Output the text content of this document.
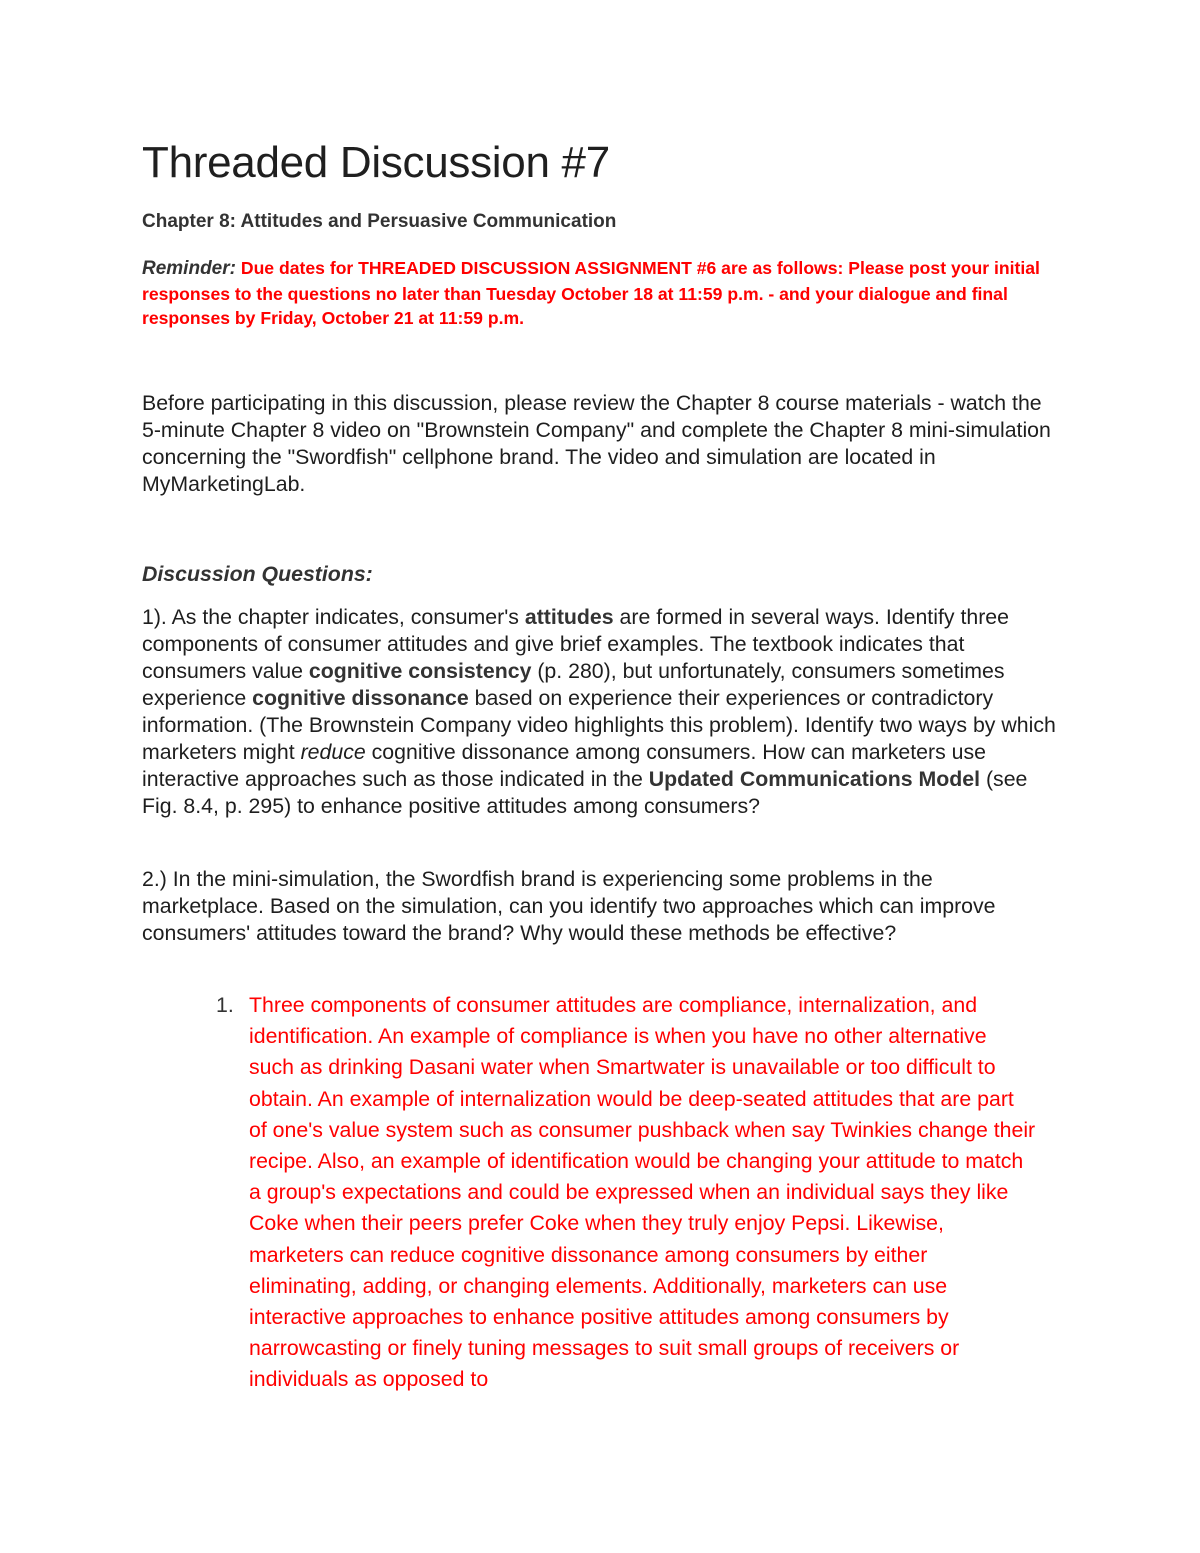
Threaded Discussion #7
Chapter 8: Attitudes and Persuasive Communication

Reminder: Due dates for THREADED DISCUSSION ASSIGNMENT #6 are as follows: Please post your initial responses to the questions no later than Tuesday October 18 at 11:59 p.m. - and your dialogue and final responses by Friday, October 21 at 11:59 p.m.

Before participating in this discussion, please review the Chapter 8 course materials - watch the 5-minute Chapter 8 video on "Brownstein Company" and complete the Chapter 8 mini-simulation concerning the "Swordfish" cellphone brand. The video and simulation are located in MyMarketingLab.

Discussion Questions:

1). As the chapter indicates, consumer's attitudes are formed in several ways. Identify three components of consumer attitudes and give brief examples. The textbook indicates that consumers value cognitive consistency (p. 280), but unfortunately, consumers sometimes experience cognitive dissonance based on experience their experiences or contradictory information. (The Brownstein Company video highlights this problem). Identify two ways by which marketers might reduce cognitive dissonance among consumers. How can marketers use interactive approaches such as those indicated in the Updated Communications Model (see Fig. 8.4, p. 295) to enhance positive attitudes among consumers?

2.) In the mini-simulation, the Swordfish brand is experiencing some problems in the marketplace. Based on the simulation, can you identify two approaches which can improve consumers' attitudes toward the brand? Why would these methods be effective?

1. Three components of consumer attitudes are compliance, internalization, and identification. An example of compliance is when you have no other alternative such as drinking Dasani water when Smartwater is unavailable or too difficult to obtain. An example of internalization would be deep-seated attitudes that are part of one's value system such as consumer pushback when say Twinkies change their recipe. Also, an example of identification would be changing your attitude to match a group's expectations and could be expressed when an individual says they like Coke when their peers prefer Coke when they truly enjoy Pepsi. Likewise, marketers can reduce cognitive dissonance among consumers by either eliminating, adding, or changing elements. Additionally, marketers can use interactive approaches to enhance positive attitudes among consumers by narrowcasting or finely tuning messages to suit small groups of receivers or individuals as opposed to
